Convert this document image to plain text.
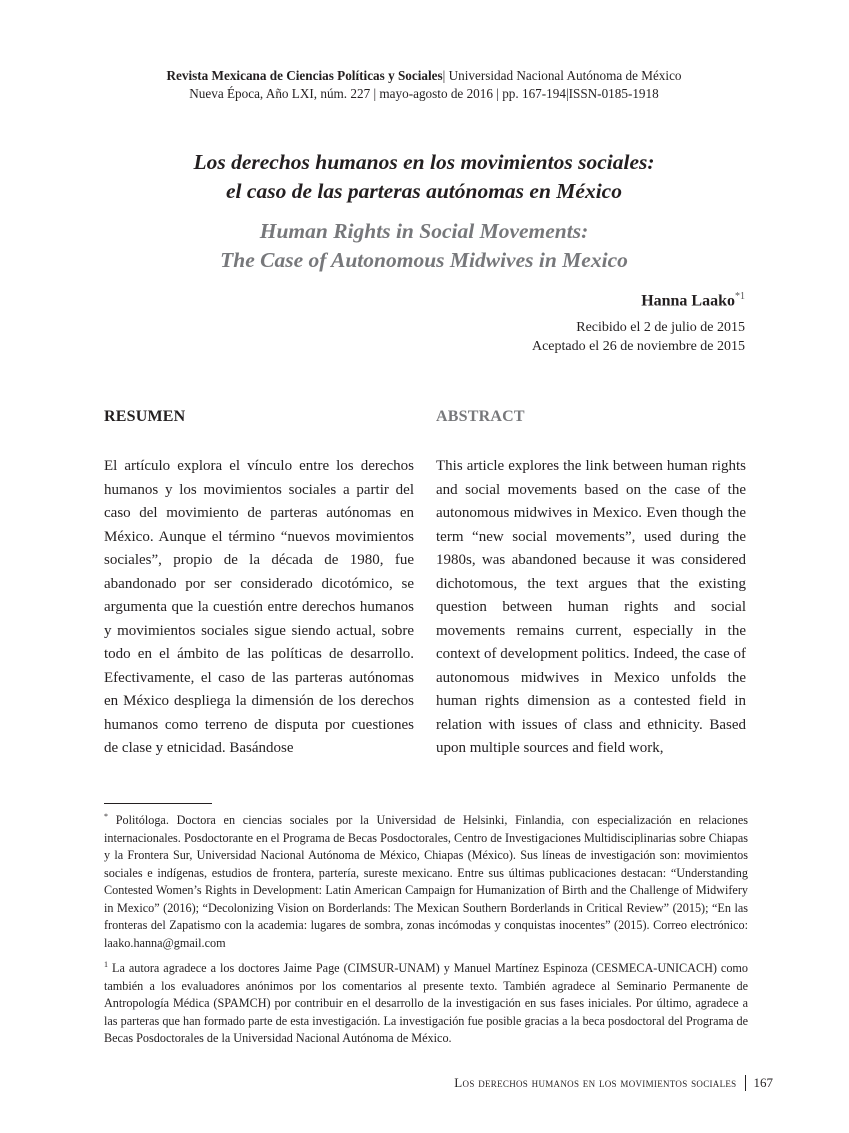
Revista Mexicana de Ciencias Políticas y Sociales| Universidad Nacional Autónoma de México
Nueva Época, Año LXI, núm. 227 | mayo-agosto de 2016 | pp. 167-194|ISSN-0185-1918
Los derechos humanos en los movimientos sociales:
el caso de las parteras autónomas en México
Human Rights in Social Movements:
The Case of Autonomous Midwives in Mexico
Hanna Laako$^{*1}$
Recibido el 2 de julio de 2015
Aceptado el 26 de noviembre de 2015
RESUMEN	ABSTRACT
El artículo explora el vínculo entre los derechos humanos y los movimientos sociales a partir del caso del movimiento de parteras autónomas en México. Aunque el término “nuevos movimientos sociales”, propio de la década de 1980, fue abandonado por ser considerado dicotómico, se argumenta que la cuestión entre derechos humanos y movimientos sociales sigue siendo actual, sobre todo en el ámbito de las políticas de desarrollo. Efectivamente, el caso de las parteras autónomas en México despliega la dimensión de los derechos humanos como terreno de disputa por cuestiones de clase y etnicidad. Basándose
This article explores the link between human rights and social movements based on the case of the autonomous midwives in Mexico. Even though the term “new social movements”, used during the 1980s, was abandoned because it was considered dichotomous, the text argues that the existing question between human rights and social movements remains current, especially in the context of development politics. Indeed, the case of autonomous midwives in Mexico unfolds the human rights dimension as a contested field in relation with issues of class and ethnicity. Based upon multiple sources and field work,

* Politóloga. Doctora en ciencias sociales por la Universidad de Helsinki, Finlandia, con especialización en relaciones internacionales. Posdoctorante en el Programa de Becas Posdoctorales, Centro de Investigaciones Multidisciplinarias sobre Chiapas y la Frontera Sur, Universidad Nacional Autónoma de México, Chiapas (México). Sus líneas de investigación son: movimientos sociales e indígenas, estudios de frontera, partería, sureste mexicano. Entre sus últimas publicaciones destacan: “Understanding Contested Women’s Rights in Development: Latin American Campaign for Humanization of Birth and the Challenge of Midwifery in Mexico” (2016); “Decolonizing Vision on Borderlands: The Mexican Southern Borderlands in Critical Review” (2015); “En las fronteras del Zapatismo con la academia: lugares de sombra, zonas incómodas y conquistas inocentes” (2015). Correo electrónico: laako.hanna@gmail.com

$^1$ La autora agradece a los doctores Jaime Page (CIMSUR-UNAM) y Manuel Martínez Espinoza (CESMECA-UNICACH) como también a los evaluadores anónimos por los comentarios al presente texto. También agradece al Seminario Permanente de Antropología Médica (SPAMCH) por contribuir en el desarrollo de la investigación en sus fases iniciales. Por último, agradece a las parteras que han formado parte de esta investigación. La investigación fue posible gracias a la beca posdoctoral del Programa de Becas Posdoctorales de la Universidad Nacional Autónoma de México.

Los derechos humanos en los movimientos sociales 167
